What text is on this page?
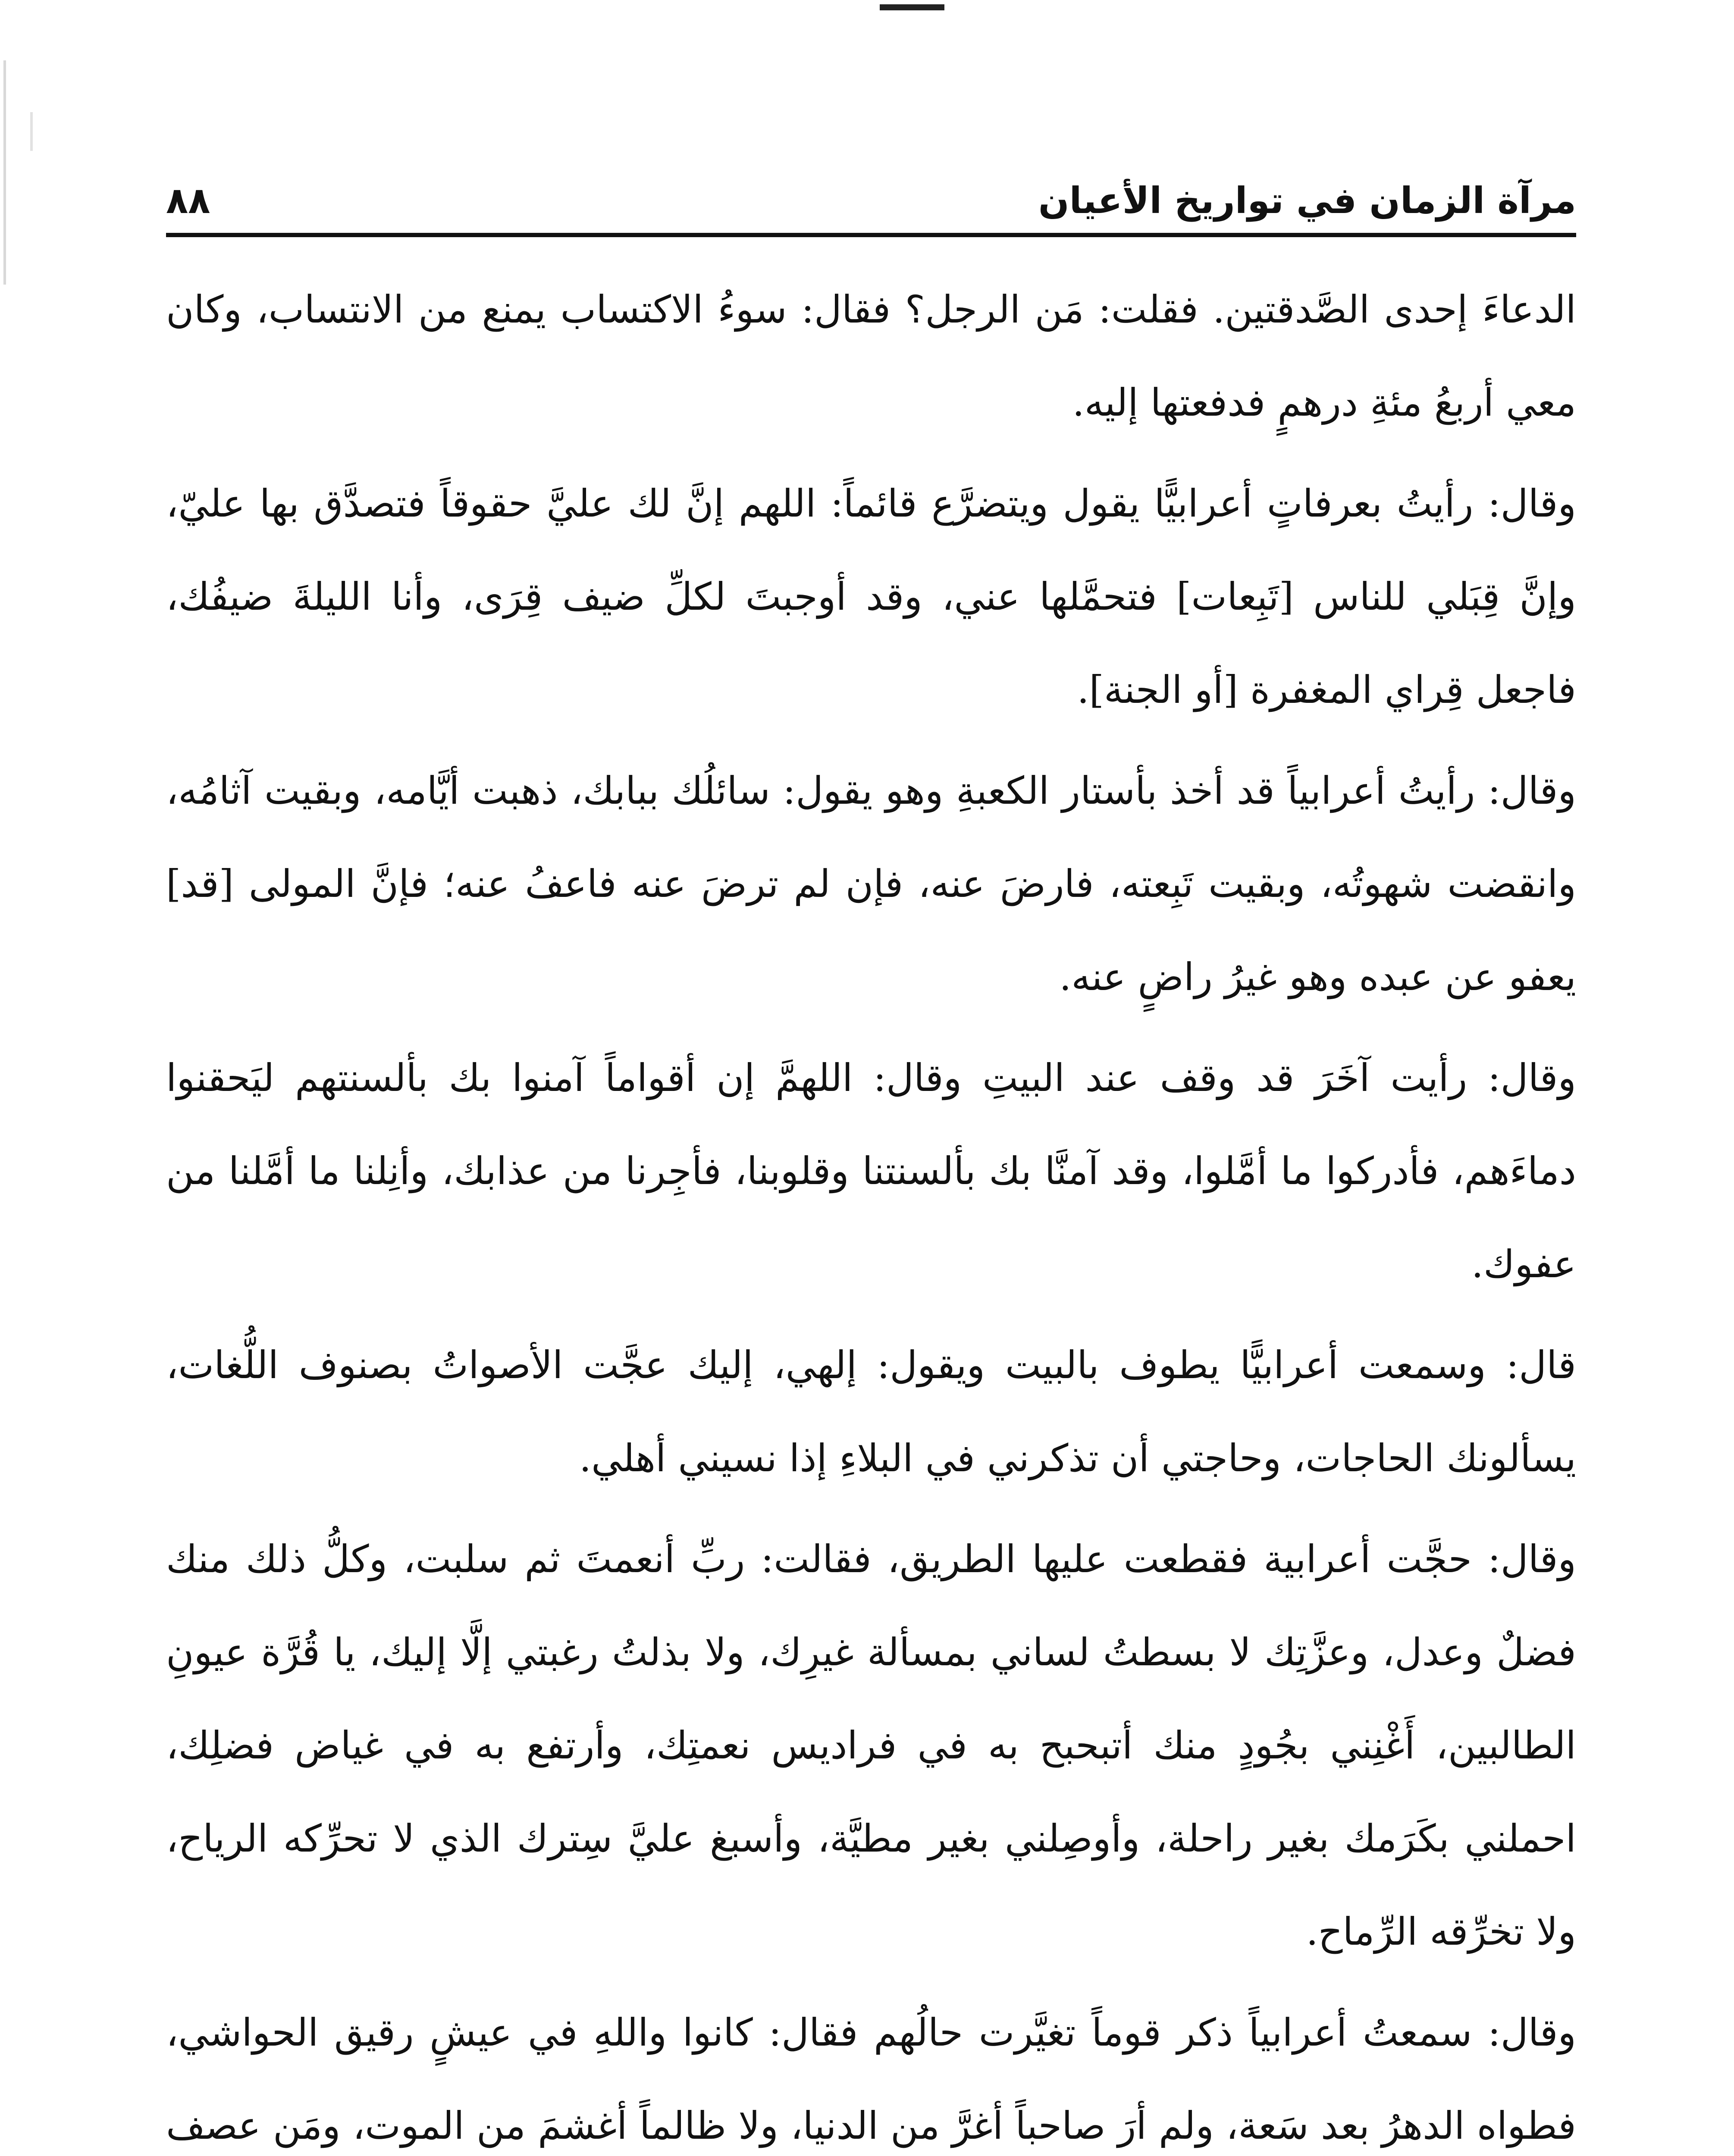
مرآة الزمان في تواريخ الأعيان
٨٨

الدعاءَ إحدى الصَّدقتين. فقلت: مَن الرجل؟ فقال: سوءُ الاكتساب يمنع من الانتساب، وكان معي أربعُ مئةِ درهمٍ فدفعتها إليه.

وقال: رأيتُ بعرفاتٍ أعرابيًّا يقول ويتضرَّع قائماً: اللهم إنَّ لك عليَّ حقوقاً فتصدَّق بها عليّ، وإنَّ قِبَلي للناس [تَبِعات] فتحمَّلها عني، وقد أوجبتَ لكلِّ ضيف قِرَى، وأنا الليلةَ ضيفُك، فاجعل قِراي المغفرة [أو الجنة].

وقال: رأيتُ أعرابياً قد أخذ بأستار الكعبةِ وهو يقول: سائلُك ببابك، ذهبت أيَّامه، وبقيت آثامُه، وانقضت شهوتُه، وبقيت تَبِعته، فارضَ عنه، فإن لم ترضَ عنه فاعفُ عنه؛ فإنَّ المولى [قد] يعفو عن عبده وهو غيرُ راضٍ عنه.

وقال: رأيت آخَرَ قد وقف عند البيتِ وقال: اللهمَّ إن أقواماً آمنوا بك بألسنتهم ليَحقنوا دماءَهم، فأدركوا ما أمَّلوا، وقد آمنَّا بك بألسنتنا وقلوبنا، فأجِرنا من عذابك، وأنِلنا ما أمَّلنا من عفوك.

قال: وسمعت أعرابيًّا يطوف بالبيت ويقول: إلهي، إليك عجَّت الأصواتُ بصنوف اللُّغات، يسألونك الحاجات، وحاجتي أن تذكرني في البلاءِ إذا نسيني أهلي.

وقال: حجَّت أعرابية فقطعت عليها الطريق، فقالت: ربِّ أنعمتَ ثم سلبت، وكلُّ ذلك منك فضلٌ وعدل، وعزَّتِك لا بسطتُ لساني بمسألة غيرِك، ولا بذلتُ رغبتي إلَّا إليك، يا قُرَّة عيونِ الطالبين، أَغْنِني بجُودٍ منك أتبحبح به في فراديس نعمتِك، وأرتفع به في غياض فضلِك، احملني بكَرَمك بغير راحلة، وأوصِلني بغير مطيَّة، وأسبغ عليَّ سِترك الذي لا تحرِّكه الرياح، ولا تخرِّقه الرِّماح.

وقال: سمعتُ أعرابياً ذكر قوماً تغيَّرت حالُهم فقال: كانوا واللهِ في عيشٍ رقيق الحواشي، فطواه الدهرُ بعد سَعة، ولم أرَ صاحباً أغرَّ من الدنيا، ولا ظالماً أغشمَ من الموت، ومَن عصف
